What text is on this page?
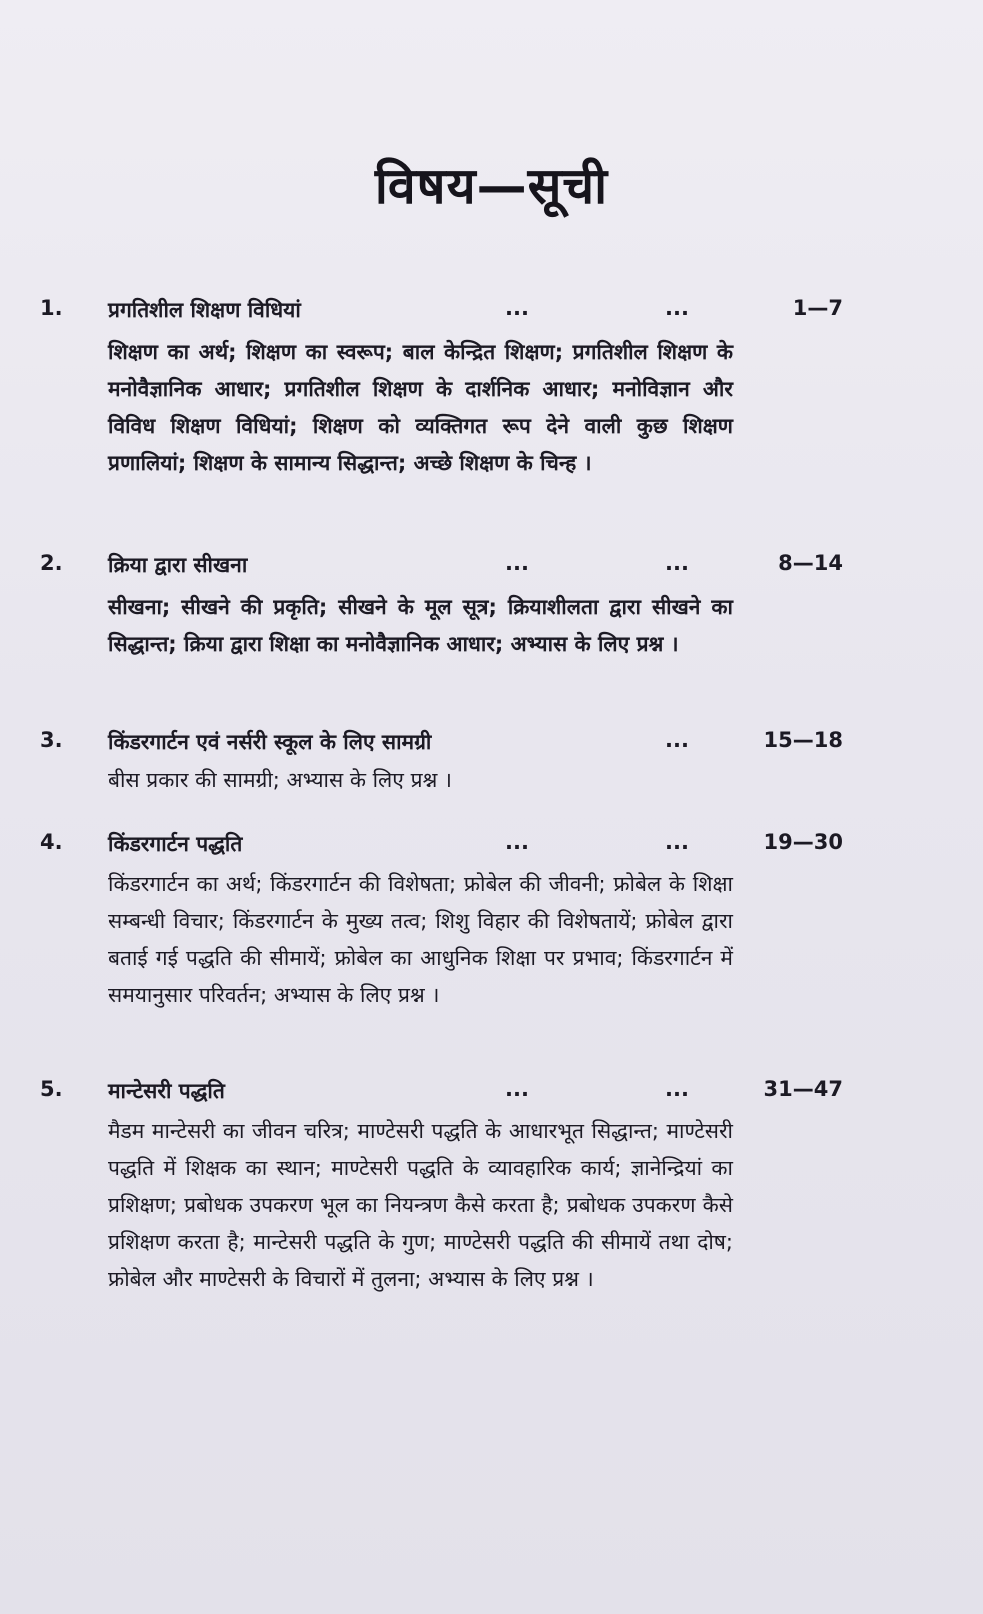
विषय—सूची
1. प्रगतिशील शिक्षण विधियां	...	...	1—7
शिक्षण का अर्थ; शिक्षण का स्वरूप; बाल केन्द्रित शिक्षण; प्रगतिशील शिक्षण के मनोवैज्ञानिक आधार; प्रगतिशील शिक्षण के दार्शनिक आधार; मनोविज्ञान और विविध शिक्षण विधियां; शिक्षण को व्यक्तिगत रूप देने वाली कुछ शिक्षण प्रणालियां; शिक्षण के सामान्य सिद्धान्त; अच्छे शिक्षण के चिन्ह ।
2. क्रिया द्वारा सीखना	...	...	8—14
सीखना; सीखने की प्रकृति; सीखने के मूल सूत्र; क्रियाशीलता द्वारा सीखने का सिद्धान्त; क्रिया द्वारा शिक्षा का मनोवैज्ञानिक आधार; अभ्यास के लिए प्रश्न ।
3. किंडरगार्टन एवं नर्सरी स्कूल के लिए सामग्री	...	15—18
बीस प्रकार की सामग्री; अभ्यास के लिए प्रश्न ।
4. किंडरगार्टन पद्धति	...	...	19—30
किंडरगार्टन का अर्थ; किंडरगार्टन की विशेषता; फ्रोबेल की जीवनी; फ्रोबेल के शिक्षा सम्बन्धी विचार; किंडरगार्टन के मुख्य तत्व; शिशु विहार की विशेषतायें; फ्रोबेल द्वारा बताई गई पद्धति की सीमायें; फ्रोबेल का आधुनिक शिक्षा पर प्रभाव; किंडरगार्टन में समयानुसार परिवर्तन; अभ्यास के लिए प्रश्न ।
5. मान्टेसरी पद्धति	...	...	31—47
मैडम मान्टेसरी का जीवन चरित्र; माण्टेसरी पद्धति के आधारभूत सिद्धान्त; माण्टेसरी पद्धति में शिक्षक का स्थान; माण्टेसरी पद्धति के व्यावहारिक कार्य; ज्ञानेन्द्रियां का प्रशिक्षण; प्रबोधक उपकरण भूल का नियन्त्रण कैसे करता है; प्रबोधक उपकरण कैसे प्रशिक्षण करता है; मान्टेसरी पद्धति के गुण; माण्टेसरी पद्धति की सीमायें तथा दोष; फ्रोबेल और माण्टेसरी के विचारों में तुलना; अभ्यास के लिए प्रश्न ।
